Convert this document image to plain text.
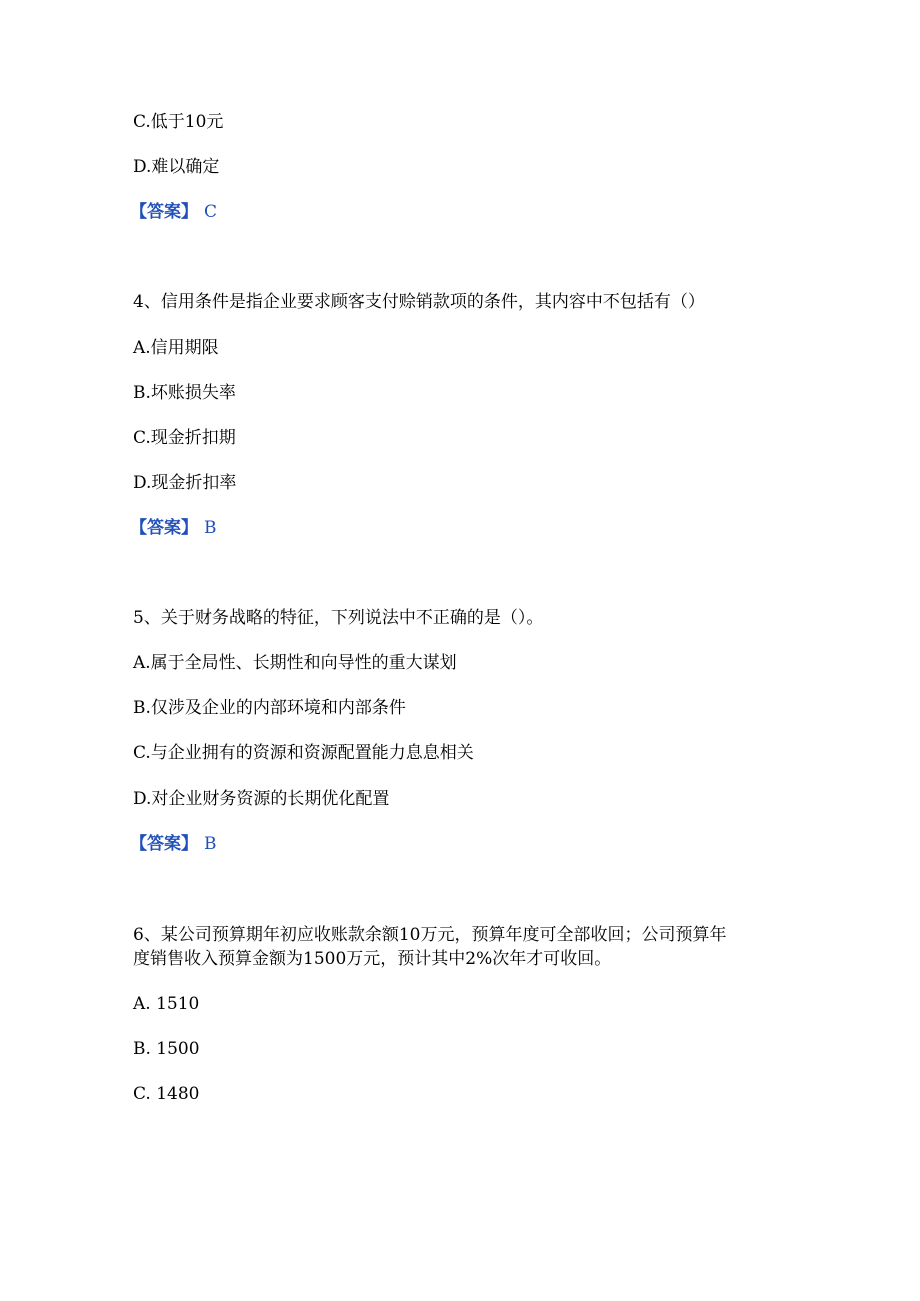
C.低于10元
D.难以确定
【答案】 C
4、信用条件是指企业要求顾客支付赊销款项的条件，其内容中不包括有（）
A.信用期限
B.坏账损失率
C.现金折扣期
D.现金折扣率
【答案】 B
5、关于财务战略的特征，下列说法中不正确的是（）。
A.属于全局性、长期性和向导性的重大谋划
B.仅涉及企业的内部环境和内部条件
C.与企业拥有的资源和资源配置能力息息相关
D.对企业财务资源的长期优化配置
【答案】 B
6、某公司预算期年初应收账款余额10万元，预算年度可全部收回；公司预算年
度销售收入预算金额为1500万元，预计其中2%次年才可收回。
A. 1510
B. 1500
C. 1480
